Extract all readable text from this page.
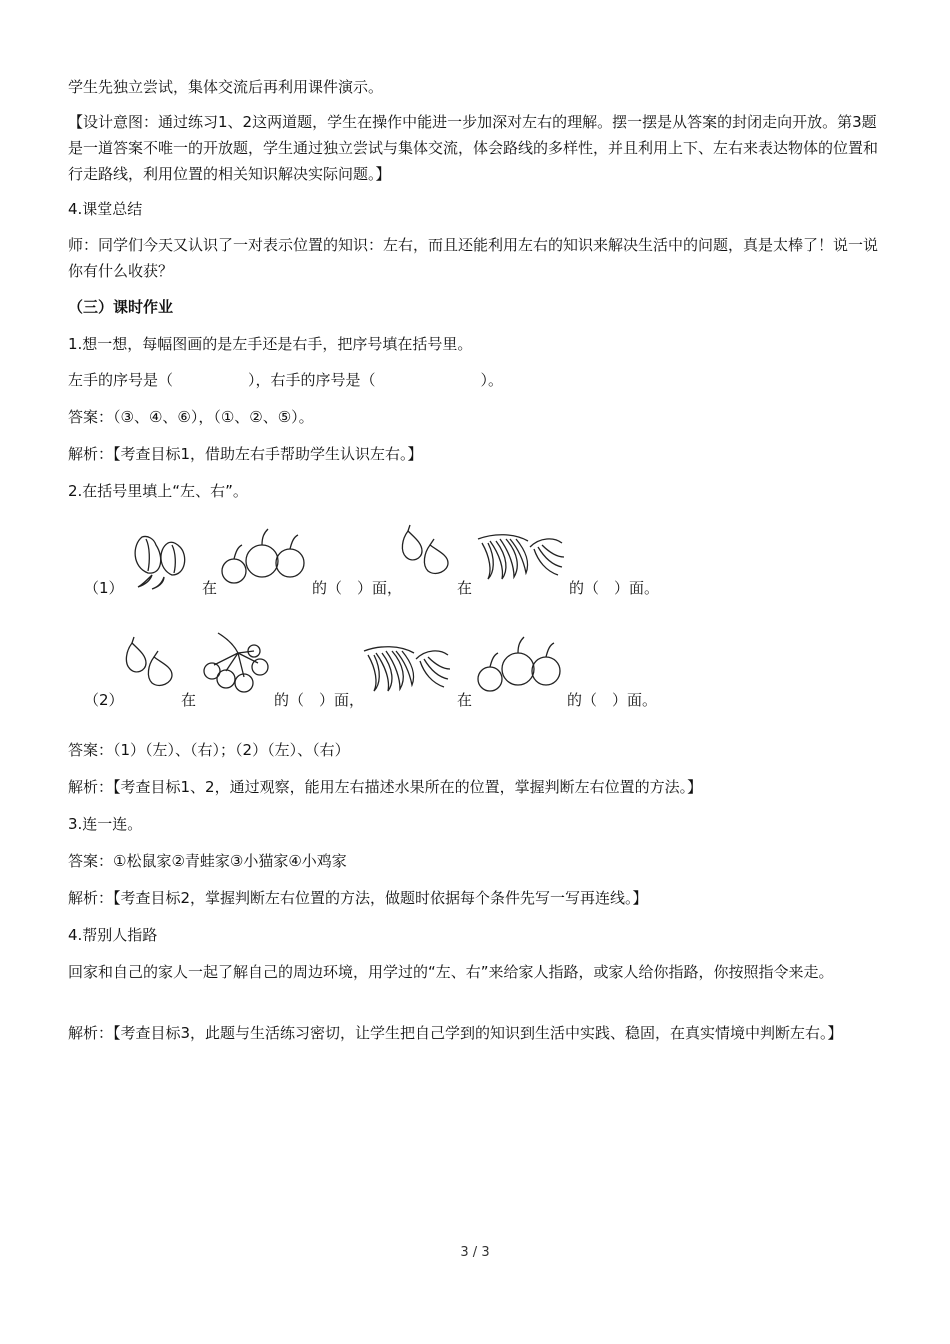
学生先独立尝试，集体交流后再利用课件演示。
【设计意图：通过练习1、2这两道题，学生在操作中能进一步加深对左右的理解。摆一摆是从答案的封闭走向开放。第3题是一道答案不唯一的开放题，学生通过独立尝试与集体交流，体会路线的多样性，并且利用上下、左右来表达物体的位置和行走路线，利用位置的相关知识解决实际问题。】
4.课堂总结
师：同学们今天又认识了一对表示位置的知识：左右，而且还能利用左右的知识来解决生活中的问题，真是太棒了！说一说你有什么收获？
（三）课时作业
1.想一想，每幅图画的是左手还是右手，把序号填在括号里。
左手的序号是（　　　　　），右手的序号是（　　　　　　　）。
答案：（③、④、⑥），（①、②、⑤）。
解析：【考查目标1，借助左右手帮助学生认识左右。】
2.在括号里填上“左、右”。
（1）	在	的（　）面，	在	的（　）面。
（2）	在	的（　）面，	在	的（　）面。
答案：（1）（左）、（右）；（2）（左）、（右）
解析：【考查目标1、2，通过观察，能用左右描述水果所在的位置，掌握判断左右位置的方法。】
3.连一连。
答案：①松鼠家②青蛙家③小猫家④小鸡家
解析：【考查目标2，掌握判断左右位置的方法，做题时依据每个条件先写一写再连线。】
4.帮别人指路
回家和自己的家人一起了解自己的周边环境，用学过的“左、右”来给家人指路，或家人给你指路，你按照指令来走。
解析：【考查目标3，此题与生活练习密切，让学生把自己学到的知识到生活中实践、稳固，在真实情境中判断左右。】
3 / 3
